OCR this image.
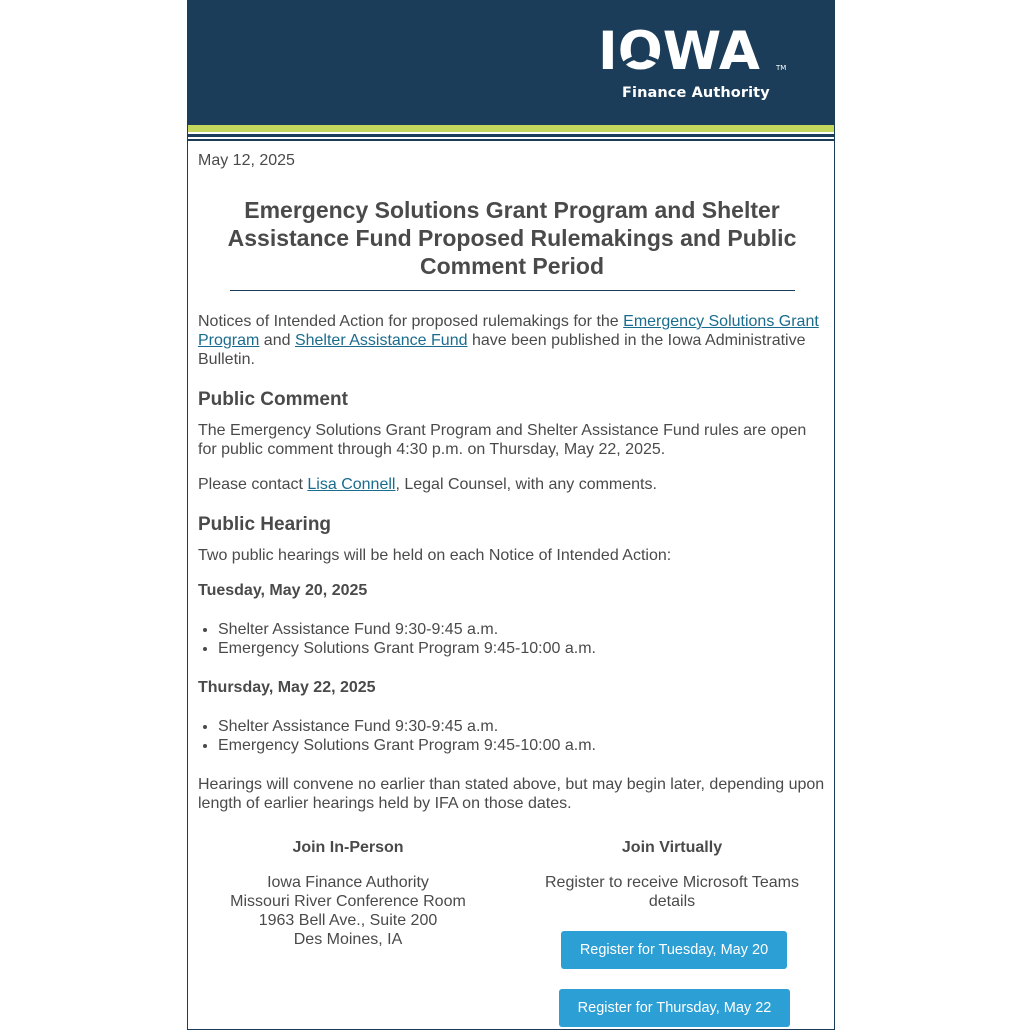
IOWA TM
Finance Authority
May 12, 2025
Emergency Solutions Grant Program and Shelter Assistance Fund Proposed Rulemakings and Public Comment Period

Notices of Intended Action for proposed rulemakings for the Emergency Solutions Grant Program and Shelter Assistance Fund have been published in the Iowa Administrative Bulletin.

Public Comment

The Emergency Solutions Grant Program and Shelter Assistance Fund rules are open for public comment through 4:30 p.m. on Thursday, May 22, 2025.

Please contact Lisa Connell, Legal Counsel, with any comments.

Public Hearing

Two public hearings will be held on each Notice of Intended Action:

Tuesday, May 20, 2025
• Shelter Assistance Fund 9:30-9:45 a.m.
• Emergency Solutions Grant Program 9:45-10:00 a.m.
Thursday, May 22, 2025
• Shelter Assistance Fund 9:30-9:45 a.m.
• Emergency Solutions Grant Program 9:45-10:00 a.m.

Hearings will convene no earlier than stated above, but may begin later, depending upon length of earlier hearings held by IFA on those dates.

Join In-Person
Iowa Finance Authority
Missouri River Conference Room
1963 Bell Ave., Suite 200
Des Moines, IA
Join Virtually
Register to receive Microsoft Teams details
Register for Tuesday, May 20
Register for Thursday, May 22
